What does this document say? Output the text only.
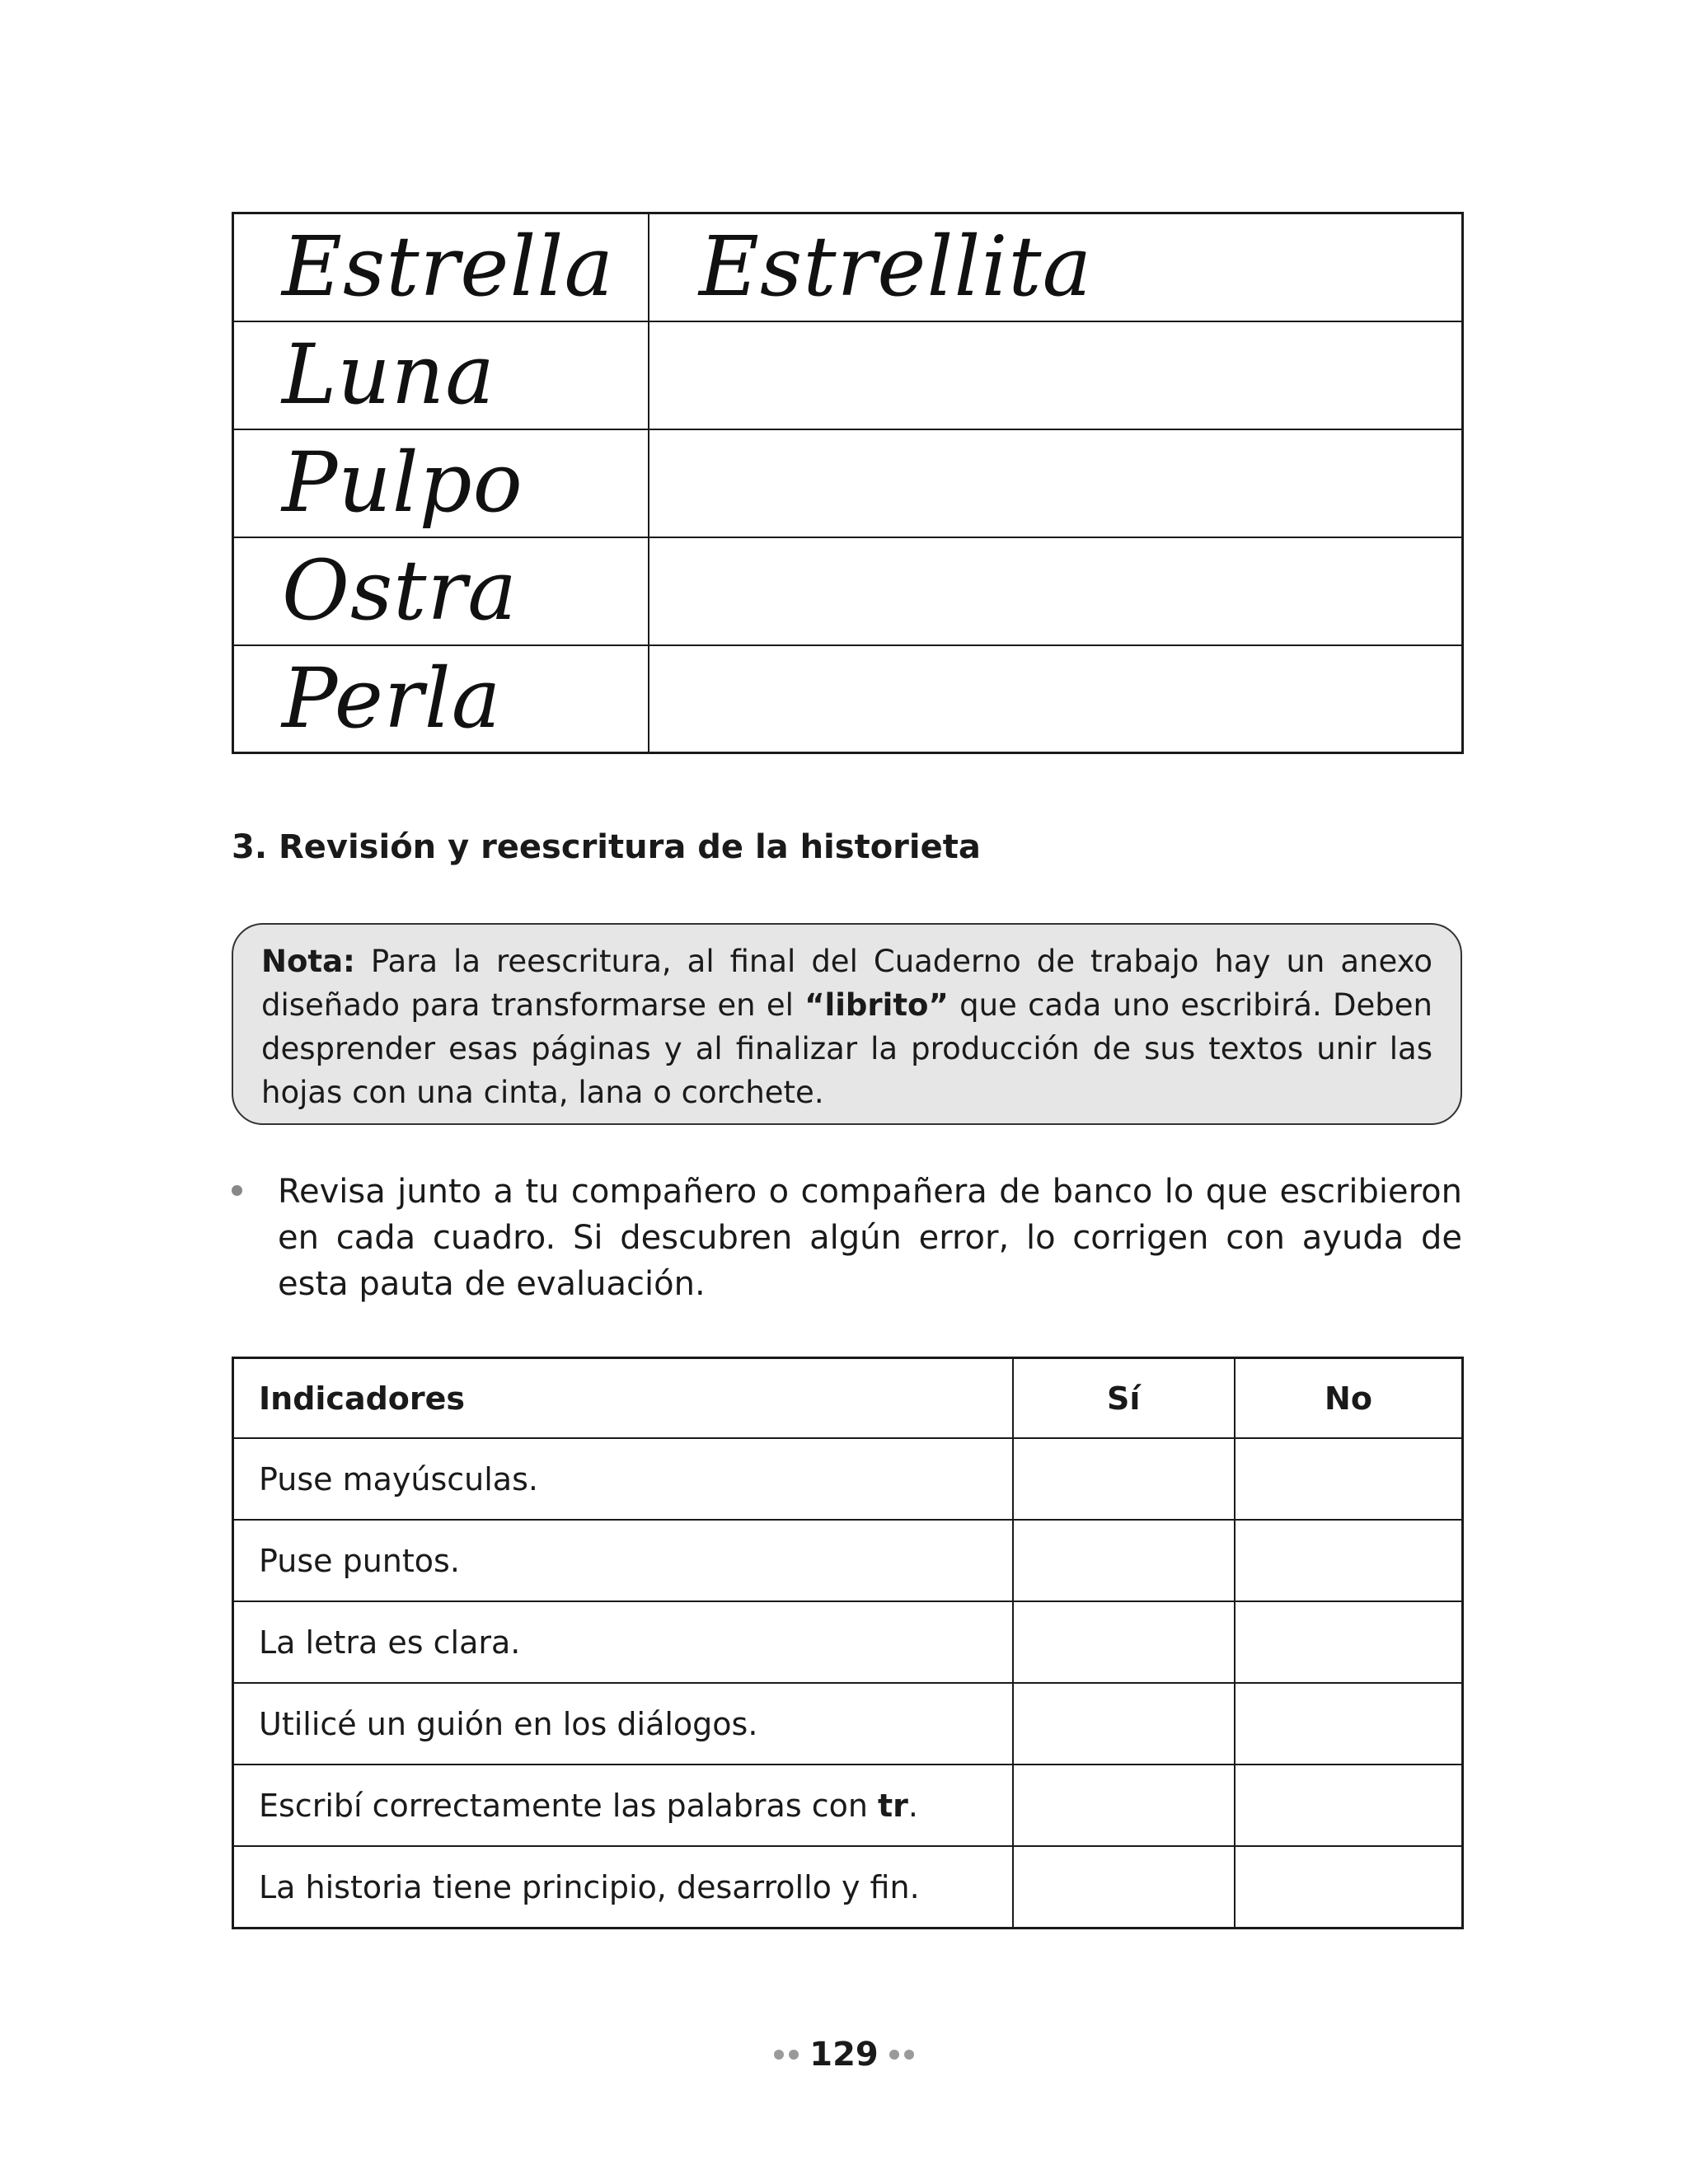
Estrella	Estrellita
Luna	
Pulpo	
Ostra	
Perla	
3. Revisión y reescritura de la historieta
Nota: Para la reescritura, al final del Cuaderno de trabajo hay un anexo diseñado para transformarse en el “librito” que cada uno escribirá. Deben desprender esas páginas y al finalizar la producción de sus textos unir las hojas con una cinta, lana o corchete.
Revisa junto a tu compañero o compañera de banco lo que escribieron en cada cuadro. Si descubren algún error, lo corrigen con ayuda de esta pauta de evaluación.
Indicadores	Sí	No
Puse mayúsculas.		
Puse puntos.		
La letra es clara.		
Utilicé un guión en los diálogos.		
Escribí correctamente las palabras con tr.		
La historia tiene principio, desarrollo y fin.		
129
